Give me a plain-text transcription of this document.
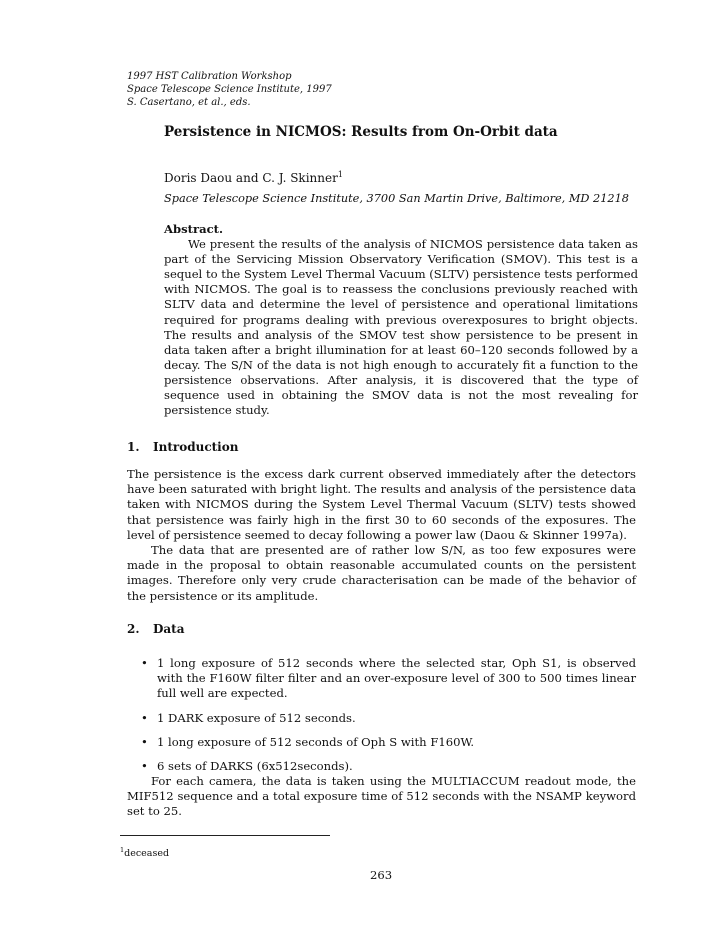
1997 HST Calibration Workshop
Space Telescope Science Institute, 1997
S. Casertano, et al., eds.
Persistence in NICMOS: Results from On-Orbit data
Doris Daou and C. J. Skinner$^1$
Space Telescope Science Institute, 3700 San Martin Drive, Baltimore, MD 21218
Abstract.

We present the results of the analysis of NICMOS persistence data taken as part of the Servicing Mission Observatory Verification (SMOV). This test is a sequel to the System Level Thermal Vacuum (SLTV) persistence tests performed with NICMOS. The goal is to reassess the conclusions previously reached with SLTV data and determine the level of persistence and operational limitations required for programs dealing with previous overexposures to bright objects. The results and analysis of the SMOV test show persistence to be present in data taken after a bright illumination for at least 60–120 seconds followed by a decay. The S/N of the data is not high enough to accurately fit a function to the persistence observations. After analysis, it is discovered that the type of sequence used in obtaining the SMOV data is not the most revealing for persistence study.

1. Introduction

The persistence is the excess dark current observed immediately after the detectors have been saturated with bright light. The results and analysis of the persistence data taken with NICMOS during the System Level Thermal Vacuum (SLTV) tests showed that persistence was fairly high in the first 30 to 60 seconds of the exposures. The level of persistence seemed to decay following a power law (Daou & Skinner 1997a).

The data that are presented are of rather low S/N, as too few exposures were made in the proposal to obtain reasonable accumulated counts on the persistent images. Therefore only very crude characterisation can be made of the behavior of the persistence or its amplitude.

2. Data
• 1 long exposure of 512 seconds where the selected star, Oph S1, is observed with the F160W filter filter and an over-exposure level of 300 to 500 times linear full well are expected.
• 1 DARK exposure of 512 seconds.
• 1 long exposure of 512 seconds of Oph S with F160W.
• 6 sets of DARKS (6x512seconds).

For each camera, the data is taken using the MULTIACCUM readout mode, the MIF512 sequence and a total exposure time of 512 seconds with the NSAMP keyword set to 25.

$^1$deceased
263
